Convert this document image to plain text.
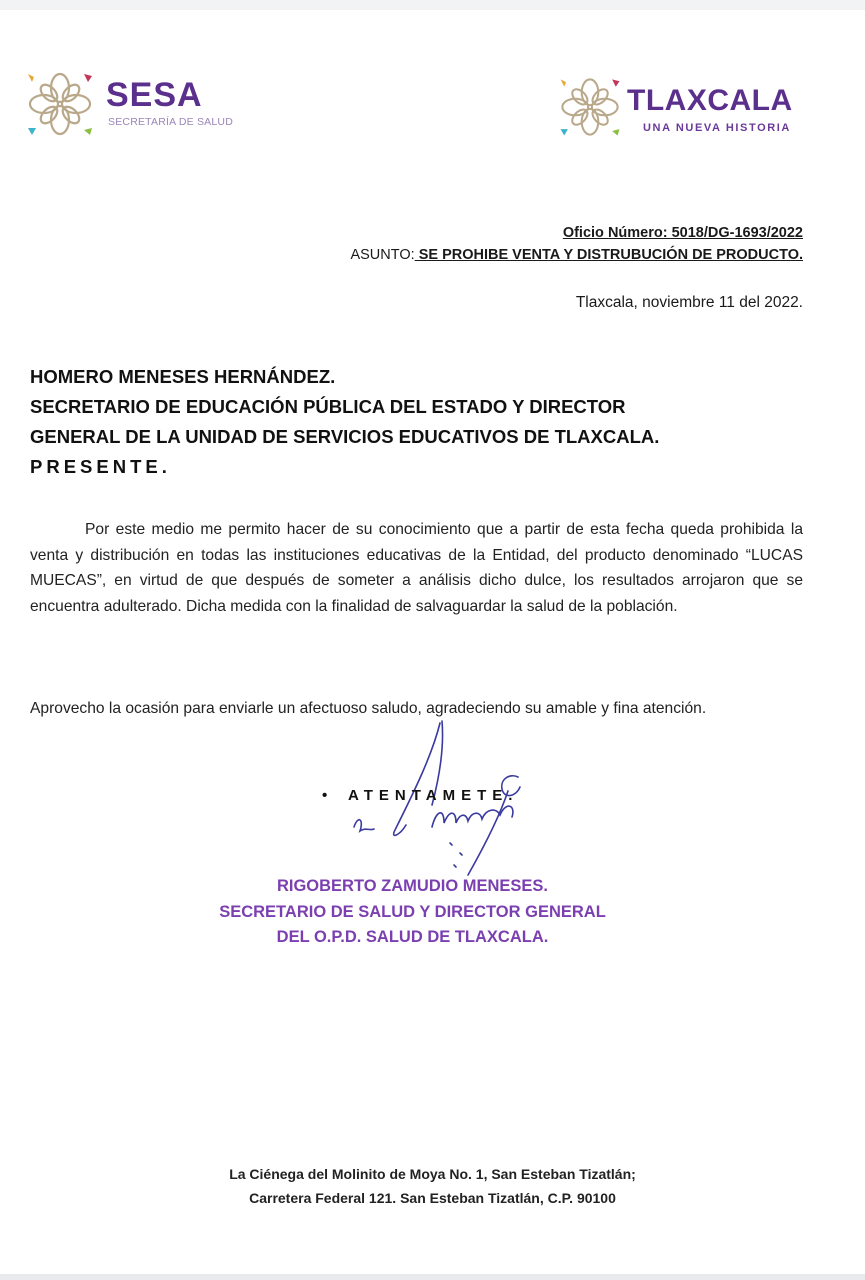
SESA
SECRETARÍA DE SALUD
TLAXCALA
UNA NUEVA HISTORIA
Oficio Número: 5018/DG-1693/2022
ASUNTO: SE PROHIBE VENTA Y DISTRUBUCIÓN DE PRODUCTO.
Tlaxcala, noviembre 11 del 2022.
HOMERO MENESES HERNÁNDEZ.
SECRETARIO DE EDUCACIÓN PÚBLICA DEL ESTADO Y DIRECTOR
GENERAL DE LA UNIDAD DE SERVICIOS EDUCATIVOS DE TLAXCALA.
PRESENTE.
Por este medio me permito hacer de su conocimiento que a partir de esta fecha queda prohibida la venta y distribución en todas las instituciones educativas de la Entidad, del producto denominado “LUCAS MUECAS”, en virtud de que después de someter a análisis dicho dulce, los resultados arrojaron que se encuentra adulterado. Dicha medida con la finalidad de salvaguardar la salud de la población.
Aprovecho la ocasión para enviarle un afectuoso saludo, agradeciendo su amable y fina atención.
• ATENTAMETE.
RIGOBERTO ZAMUDIO MENESES.
SECRETARIO DE SALUD Y DIRECTOR GENERAL
DEL O.P.D. SALUD DE TLAXCALA.
La Ciénega del Molinito de Moya No. 1, San Esteban Tizatlán;
Carretera Federal 121. San Esteban Tizatlán, C.P. 90100
